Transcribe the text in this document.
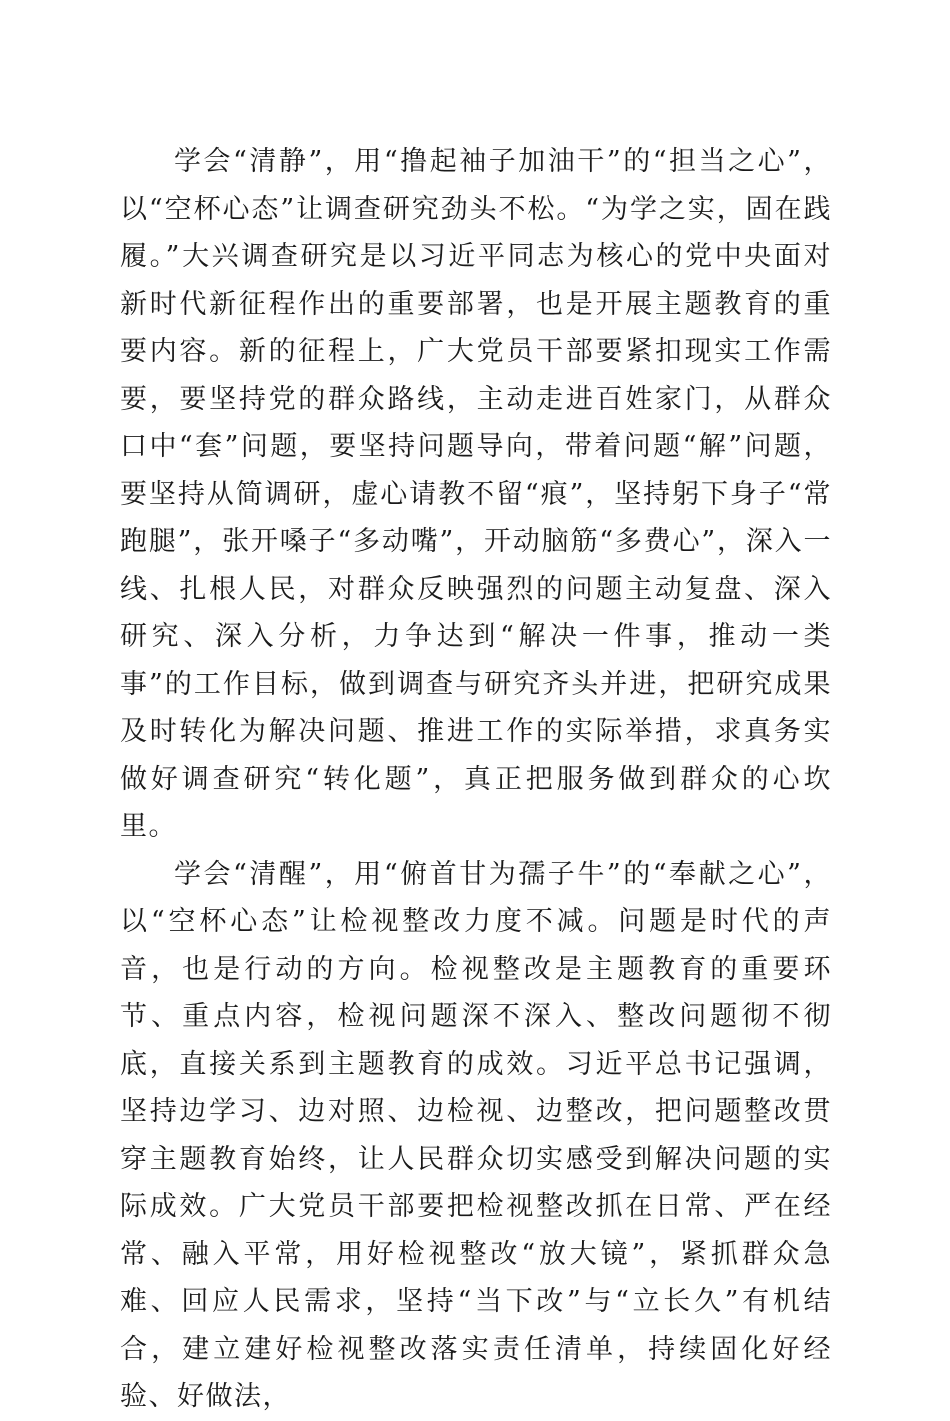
学会“清静”，用“撸起袖子加油干”的“担当之心”，以“空杯心态”让调查研究劲头不松。“为学之实，固在践履。”大兴调查研究是以习近平同志为核心的党中央面对新时代新征程作出的重要部署，也是开展主题教育的重要内容。新的征程上，广大党员干部要紧扣现实工作需要，要坚持党的群众路线，主动走进百姓家门，从群众口中“套”问题，要坚持问题导向，带着问题“解”问题，要坚持从简调研，虚心请教不留“痕”，坚持躬下身子“常跑腿”，张开嗓子“多动嘴”，开动脑筋“多费心”，深入一线、扎根人民，对群众反映强烈的问题主动复盘、深入研究、深入分析，力争达到“解决一件事，推动一类事”的工作目标，做到调查与研究齐头并进，把研究成果及时转化为解决问题、推进工作的实际举措，求真务实做好调查研究“转化题”，真正把服务做到群众的心坎里。

学会“清醒”，用“俯首甘为孺子牛”的“奉献之心”，以“空杯心态”让检视整改力度不减。问题是时代的声音，也是行动的方向。检视整改是主题教育的重要环节、重点内容，检视问题深不深入、整改问题彻不彻底，直接关系到主题教育的成效。习近平总书记强调，坚持边学习、边对照、边检视、边整改，把问题整改贯穿主题教育始终，让人民群众切实感受到解决问题的实际成效。广大党员干部要把检视整改抓在日常、严在经常、融入平常，用好检视整改“放大镜”，紧抓群众急难、回应人民需求，坚持“当下改”与“立长久”有机结合，建立建好检视整改落实责任清单，持续固化好经验、好做法，
